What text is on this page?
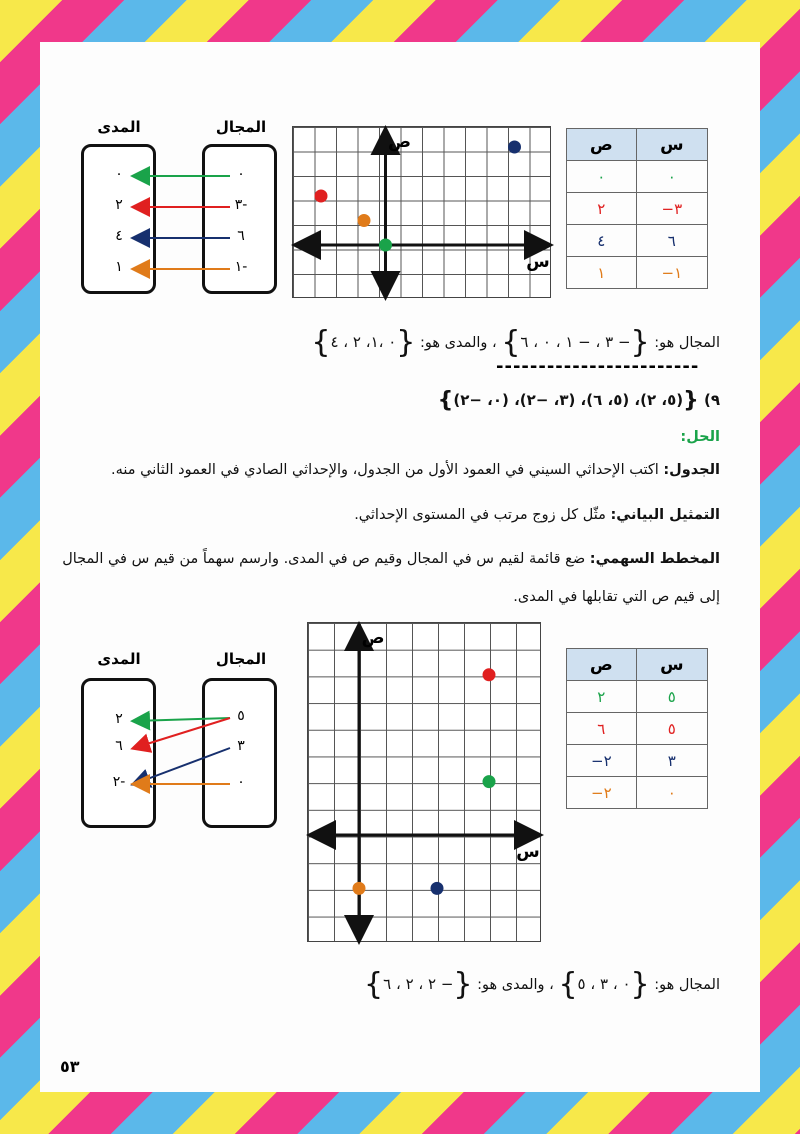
س	ص
٠	٠
٣−	٢
٦	٤
١−	١
س
ص
المجال
المدى
٠
٣-
٦
١-
٠
٢
٤
١
المجال هو: {− ٣ ، − ١ ، ٠ ، ٦} ، والمدى هو: {٠ ،١، ٢ ، ٤}
------------------------
٩) {(٥، ٢)، (٥، ٦)، (٣، −٢)، (٠، −٢)}
الحل:
الجدول: اكتب الإحداثي السيني في العمود الأول من الجدول، والإحداثي الصادي في العمود الثاني منه.
التمثيل البياني: مثّل كل زوج مرتب في المستوى الإحداثي.
المخطط السهمي: ضع قائمة لقيم س في المجال وقيم ص في المدى. وارسم سهماً من قيم س في المجال
إلى قيم ص التي تقابلها في المدى.
س	ص
٥	٢
٥	٦
٣	٢−
٠	٢−
س
ص
المجال
المدى
٥
٣
٠
٢
٦
٢-
المجال هو: {٠ ، ٣ ، ٥} ، والمدى هو: {− ٢ ، ٢ ، ٦}
٥٣
